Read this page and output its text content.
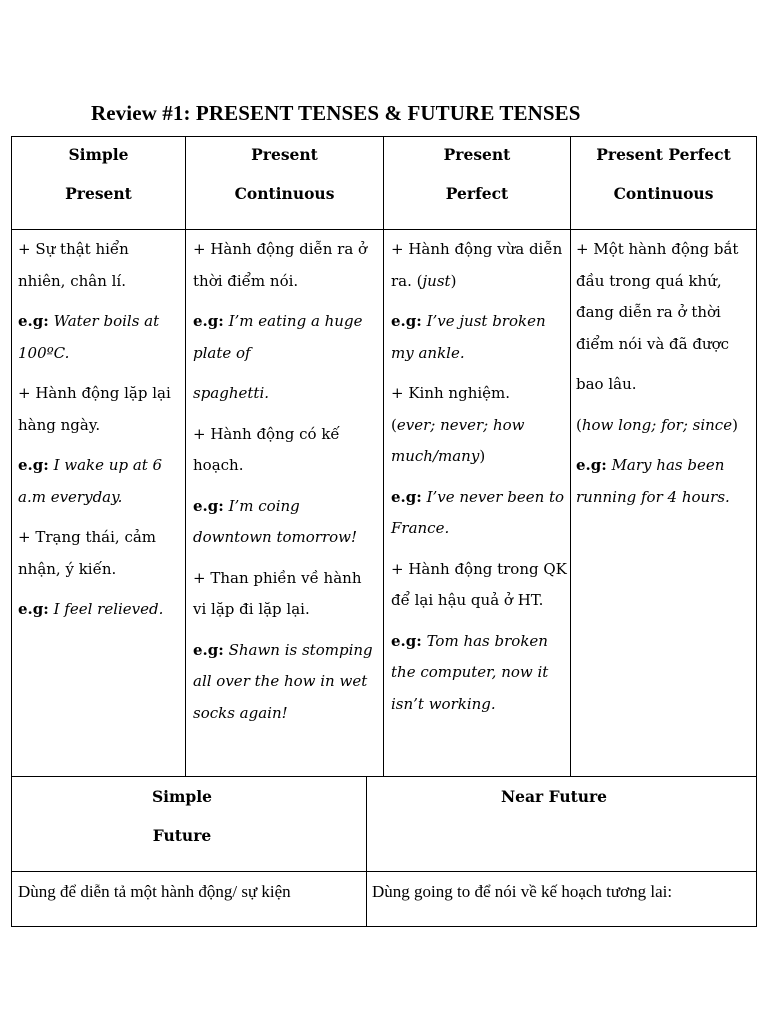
Review #1: PRESENT TENSES & FUTURE TENSES
Simple
Present
Present
Continuous
Present
Perfect
Present Perfect
Continuous

+ Sự thật hiển nhiên, chân lí.

e.g: Water boils at 100ºC.

+ Hành động lặp lại hàng ngày.

e.g: I wake up at 6 a.m everyday.

+ Trạng thái, cảm nhận, ý kiến.

e.g: I feel relieved.

+ Hành động diễn ra ở thời điểm nói.

e.g: I’m eating a huge plate of

spaghetti.

+ Hành động có kế hoạch.

e.g: I’m coing downtown tomorrow!

+ Than phiền về hành vi lặp đi lặp lại.

e.g: Shawn is stomping all over the how in wet socks again!

+ Hành động vừa diễn ra. (just)

e.g: I’ve just broken my ankle.

+ Kinh nghiệm.

(ever; never; how much/many)

e.g: I’ve never been to France.

+ Hành động trong QK để lại hậu quả ở HT.

e.g: Tom has broken the computer, now it isn’t working.

+ Một hành động bắt đầu trong quá khứ, đang diễn ra ở thời điểm nói và đã được

bao lâu.

(how long; for; since)

e.g: Mary has been running for 4 hours.

Simple
Future
Near Future
Dùng để diễn tả một hành động/ sự kiện	Dùng going to để nói về kế hoạch tương lai:
